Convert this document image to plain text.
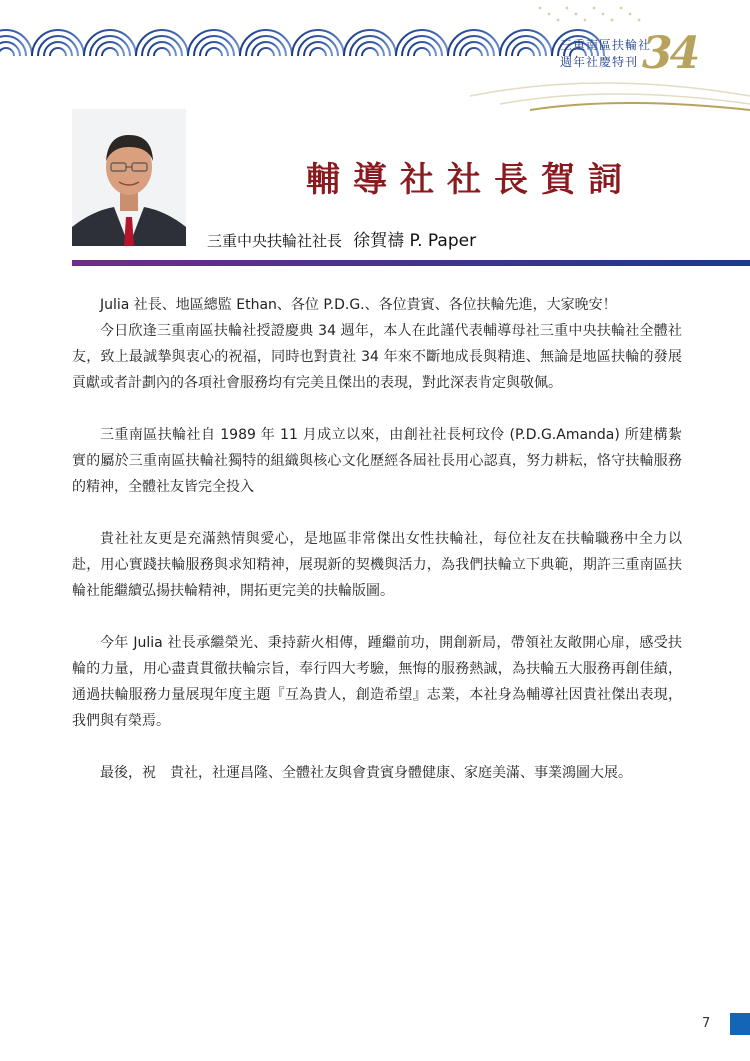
三重南區扶輪社
週年社慶特刊 34
輔導社社長賀詞
三重中央扶輪社社長 徐賀禱 P. Paper

Julia 社長、地區總監 Ethan、各位 P.D.G.、各位貴賓、各位扶輪先進，大家晚安！

今日欣逢三重南區扶輪社授證慶典 34 週年，本人在此謹代表輔導母社三重中央扶輪社全體社友，致上最誠摯與衷心的祝福，同時也對貴社 34 年來不斷地成長與精進、無論是地區扶輪的發展貢獻或者計劃內的各項社會服務均有完美且傑出的表現，對此深表肯定與敬佩。

三重南區扶輪社自 1989 年 11 月成立以來，由創社社長柯玟伶 (P.D.G.Amanda) 所建構紮實的屬於三重南區扶輪社獨特的組織與核心文化歷經各屆社長用心認真，努力耕耘，恪守扶輪服務的精神，全體社友皆完全投入

貴社社友更是充滿熱情與愛心，是地區非常傑出女性扶輪社，每位社友在扶輪職務中全力以赴，用心實踐扶輪服務與求知精神，展現新的契機與活力，為我們扶輪立下典範，期許三重南區扶輪社能繼續弘揚扶輪精神，開拓更完美的扶輪版圖。

今年 Julia 社長承繼榮光、秉持薪火相傳，踵繼前功，開創新局，帶領社友敞開心扉，感受扶輪的力量，用心盡責貫徹扶輪宗旨，奉行四大考驗，無悔的服務熱誠，為扶輪五大服務再創佳績，通過扶輪服務力量展現年度主題『互為貴人，創造希望』志業，本社身為輔導社因貴社傑出表現，我們與有榮焉。

最後，祝　貴社，社運昌隆、全體社友與會貴賓身體健康、家庭美滿、事業鴻圖大展。

7
